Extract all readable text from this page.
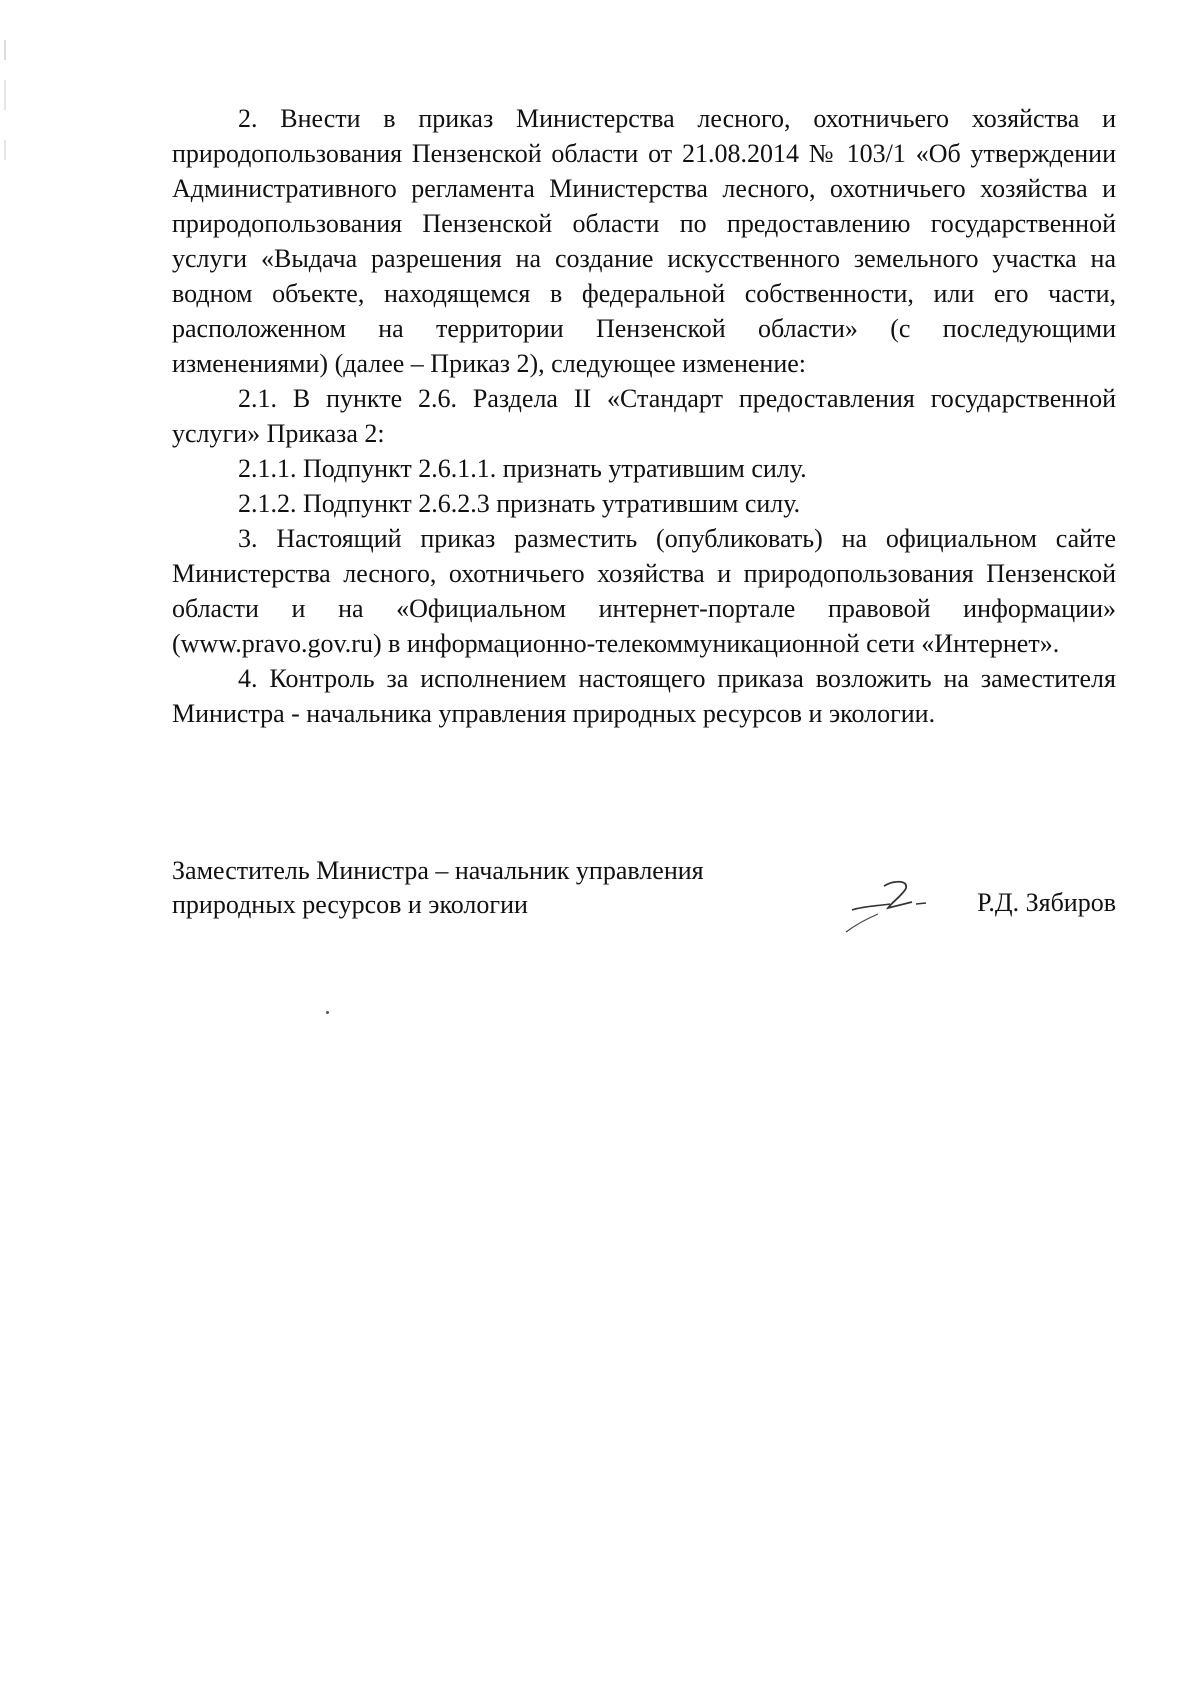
2. Внести в приказ Министерства лесного, охотничьего хозяйства и природопользования Пензенской области от 21.08.2014 № 103/1 «Об утверждении Административного регламента Министерства лесного, охотничьего хозяйства и природопользования Пензенской области по предоставлению государственной услуги «Выдача разрешения на создание искусственного земельного участка на водном объекте, находящемся в федеральной собственности, или его части, расположенном на территории Пензенской области» (с последующими изменениями) (далее – Приказ 2), следующее изменение:

2.1. В пункте 2.6. Раздела II «Стандарт предоставления государственной услуги» Приказа 2:

2.1.1. Подпункт 2.6.1.1. признать утратившим силу.

2.1.2. Подпункт 2.6.2.3 признать утратившим силу.

3. Настоящий приказ разместить (опубликовать) на официальном сайте Министерства лесного, охотничьего хозяйства и природопользования Пензенской области и на «Официальном интернет-портале правовой информации» (www.pravo.gov.ru) в информационно-телекоммуникационной сети «Интернет».

4. Контроль за исполнением настоящего приказа возложить на заместителя Министра - начальника управления природных ресурсов и экологии.

Заместитель Министра – начальник управления
природных ресурсов и экологии	Р.Д. Зябиров
